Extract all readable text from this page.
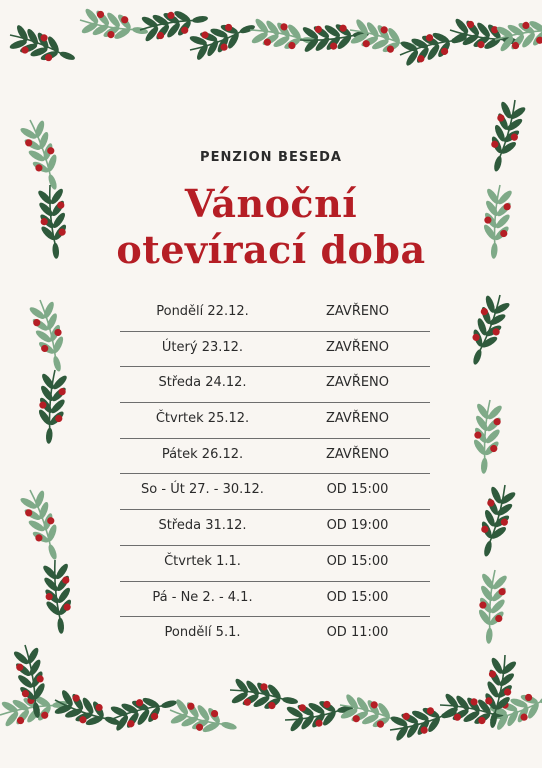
PENZION BESEDA
Vánoční
otevírací doba
Pondělí 22.12.	ZAVŘENO
Úterý 23.12.	ZAVŘENO
Středa 24.12.	ZAVŘENO
Čtvrtek 25.12.	ZAVŘENO
Pátek 26.12.	ZAVŘENO
So - Út 27. - 30.12.	OD 15:00
Středa 31.12.	OD 19:00
Čtvrtek 1.1.	OD 15:00
Pá - Ne 2. - 4.1.	OD 15:00
Pondělí 5.1.	OD 11:00
